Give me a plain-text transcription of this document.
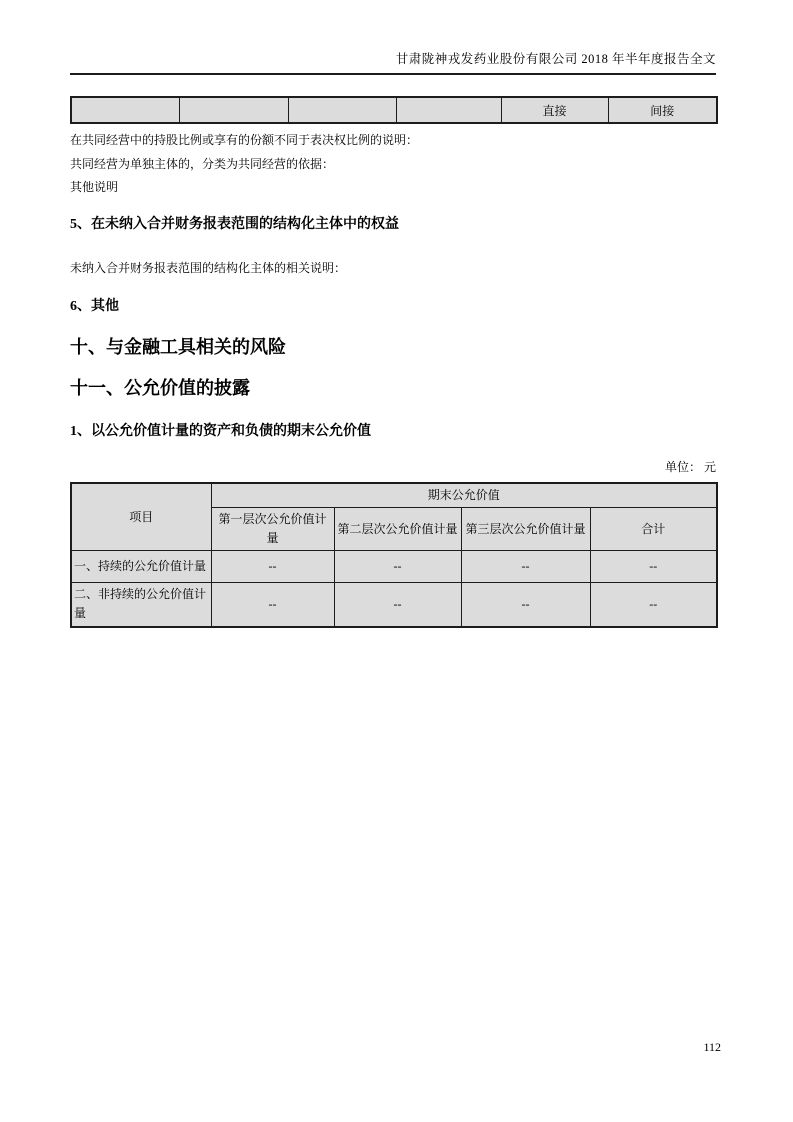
甘肃陇神戎发药业股份有限公司 2018 年半年度报告全文
				直接	间接

在共同经营中的持股比例或享有的份额不同于表决权比例的说明：

共同经营为单独主体的，分类为共同经营的依据：

其他说明

5、在未纳入合并财务报表范围的结构化主体中的权益

未纳入合并财务报表范围的结构化主体的相关说明：

6、其他
十、与金融工具相关的风险
十一、公允价值的披露
1、以公允价值计量的资产和负债的期末公允价值
单位： 元
项目	期末公允价值			
	第一层次公允价值计量	第二层次公允价值计量	第三层次公允价值计量	合计
一、持续的公允价值计量	--	--	--	--
二、非持续的公允价值计量	--	--	--	--
112
